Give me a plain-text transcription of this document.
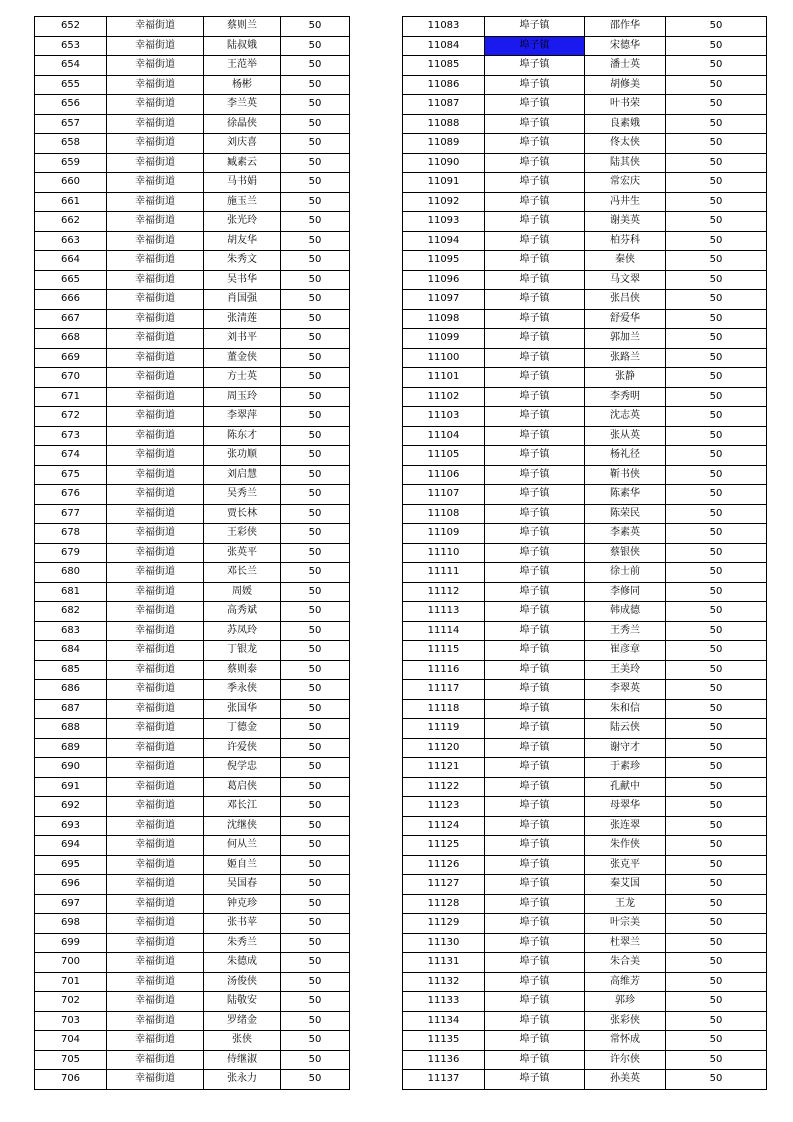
652	幸福街道	蔡则兰	50
653	幸福街道	陆叔娥	50
654	幸福街道	王范举	50
655	幸福街道	杨彬	50
656	幸福街道	李兰英	50
657	幸福街道	徐晶侠	50
658	幸福街道	刘庆喜	50
659	幸福街道	臧素云	50
660	幸福街道	马书娟	50
661	幸福街道	施玉兰	50
662	幸福街道	张光玲	50
663	幸福街道	胡友华	50
664	幸福街道	朱秀文	50
665	幸福街道	吴书华	50
666	幸福街道	肖国强	50
667	幸福街道	张清莲	50
668	幸福街道	刘书平	50
669	幸福街道	董金侠	50
670	幸福街道	方士英	50
671	幸福街道	周玉玲	50
672	幸福街道	李翠萍	50
673	幸福街道	陈东才	50
674	幸福街道	张功顺	50
675	幸福街道	刘启慧	50
676	幸福街道	吴秀兰	50
677	幸福街道	贾长林	50
678	幸福街道	王彩侠	50
679	幸福街道	张英平	50
680	幸福街道	邓长兰	50
681	幸福街道	周媛	50
682	幸福街道	高秀斌	50
683	幸福街道	苏凤玲	50
684	幸福街道	丁银龙	50
685	幸福街道	蔡则泰	50
686	幸福街道	季永侠	50
687	幸福街道	张国华	50
688	幸福街道	丁德金	50
689	幸福街道	许爱侠	50
690	幸福街道	倪学忠	50
691	幸福街道	葛启侠	50
692	幸福街道	邓长江	50
693	幸福街道	沈继侠	50
694	幸福街道	何从兰	50
695	幸福街道	姬自兰	50
696	幸福街道	吴国春	50
697	幸福街道	钟克珍	50
698	幸福街道	张书苹	50
699	幸福街道	朱秀兰	50
700	幸福街道	朱德成	50
701	幸福街道	汤俊侠	50
702	幸福街道	陆敬安	50
703	幸福街道	罗绪金	50
704	幸福街道	张侠	50
705	幸福街道	侍继淑	50
706	幸福街道	张永力	50
11083	埠子镇	邵作华	50
11084	埠子镇	宋德华	50
11085	埠子镇	潘士英	50
11086	埠子镇	胡修美	50
11087	埠子镇	叶书荣	50
11088	埠子镇	良素娥	50
11089	埠子镇	佟太侠	50
11090	埠子镇	陆其侠	50
11091	埠子镇	常宏庆	50
11092	埠子镇	冯井生	50
11093	埠子镇	谢美英	50
11094	埠子镇	柏芬科	50
11095	埠子镇	秦侠	50
11096	埠子镇	马文翠	50
11097	埠子镇	张吕侠	50
11098	埠子镇	舒爱华	50
11099	埠子镇	郭加兰	50
11100	埠子镇	张路兰	50
11101	埠子镇	张静	50
11102	埠子镇	李秀明	50
11103	埠子镇	沈志英	50
11104	埠子镇	张从英	50
11105	埠子镇	杨礼径	50
11106	埠子镇	靳书侠	50
11107	埠子镇	陈素华	50
11108	埠子镇	陈荣民	50
11109	埠子镇	李素英	50
11110	埠子镇	蔡银侠	50
11111	埠子镇	徐士前	50
11112	埠子镇	李修同	50
11113	埠子镇	韩成德	50
11114	埠子镇	王秀兰	50
11115	埠子镇	崔彦章	50
11116	埠子镇	王美玲	50
11117	埠子镇	李翠英	50
11118	埠子镇	朱和信	50
11119	埠子镇	陆云侠	50
11120	埠子镇	谢守才	50
11121	埠子镇	于素珍	50
11122	埠子镇	孔献中	50
11123	埠子镇	母翠华	50
11124	埠子镇	张连翠	50
11125	埠子镇	朱作侠	50
11126	埠子镇	张克平	50
11127	埠子镇	秦艾国	50
11128	埠子镇	王龙	50
11129	埠子镇	叶宗美	50
11130	埠子镇	杜翠兰	50
11131	埠子镇	朱合美	50
11132	埠子镇	高维芳	50
11133	埠子镇	郭珍	50
11134	埠子镇	张彩侠	50
11135	埠子镇	常怀成	50
11136	埠子镇	许尔侠	50
11137	埠子镇	孙美英	50
